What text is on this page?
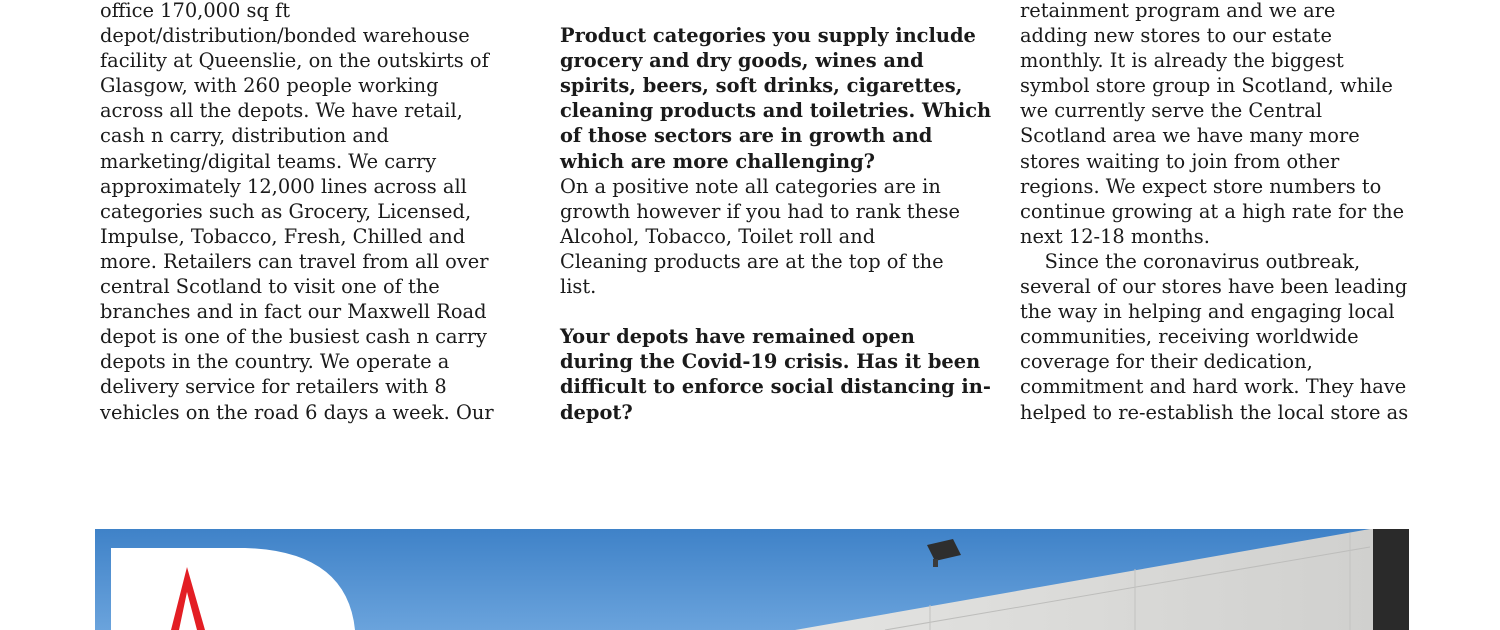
office 170,000 sq ft
depot/distribution/bonded warehouse
facility at Queenslie, on the outskirts of
Glasgow, with 260 people working
across all the depots. We have retail,
cash n carry, distribution and
marketing/digital teams. We carry
approximately 12,000 lines across all
categories such as Grocery, Licensed,
Impulse, Tobacco, Fresh, Chilled and
more. Retailers can travel from all over
central Scotland to visit one of the
branches and in fact our Maxwell Road
depot is one of the busiest cash n carry
depots in the country. We operate a
delivery service for retailers with 8
vehicles on the road 6 days a week. Our
Product categories you supply include
grocery and dry goods, wines and
spirits, beers, soft drinks, cigarettes,
cleaning products and toiletries. Which
of those sectors are in growth and
which are more challenging?
On a positive note all categories are in
growth however if you had to rank these
Alcohol, Tobacco, Toilet roll and
Cleaning products are at the top of the
list.
Your depots have remained open
during the Covid-19 crisis. Has it been
difficult to enforce social distancing in-
depot?
retainment program and we are
adding new stores to our estate
monthly. It is already the biggest
symbol store group in Scotland, while
we currently serve the Central
Scotland area we have many more
stores waiting to join from other
regions. We expect store numbers to
continue growing at a high rate for the
next 12-18 months.
Since the coronavirus outbreak,
several of our stores have been leading
the way in helping and engaging local
communities, receiving worldwide
coverage for their dedication,
commitment and hard work. They have
helped to re-establish the local store as
